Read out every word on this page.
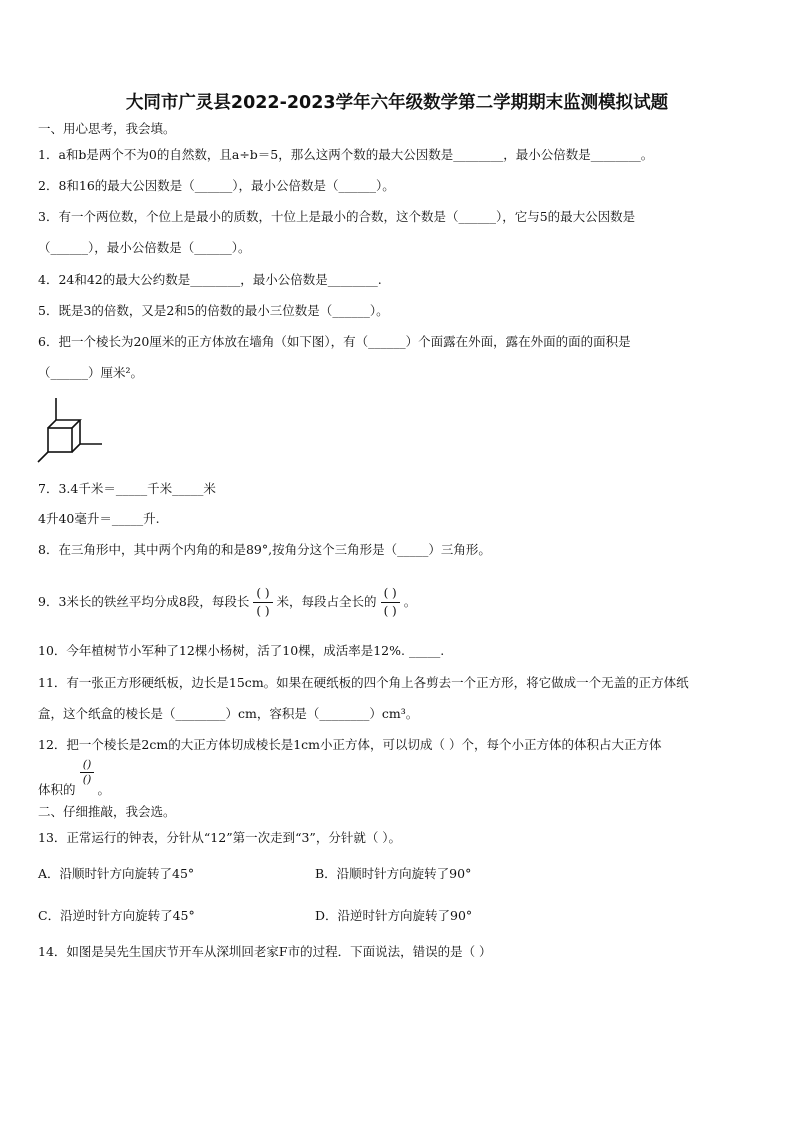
大同市广灵县2022-2023学年六年级数学第二学期期末监测模拟试题
一、用心思考，我会填。
1．a和b是两个不为0的自然数，且a÷b＝5，那么这两个数的最大公因数是________，最小公倍数是________。
2．8和16的最大公因数是（______），最小公倍数是（______）。
3．有一个两位数，个位上是最小的质数，十位上是最小的合数，这个数是（______），它与5的最大公因数是
（______），最小公倍数是（______）。
4．24和42的最大公约数是________，最小公倍数是________.
5．既是3的倍数，又是2和5的倍数的最小三位数是（______）。
6．把一个棱长为20厘米的正方体放在墙角（如下图），有（______）个面露在外面，露在外面的面的面积是
（______）厘米²。
7．3.4千米＝_____千米_____米
4升40毫升＝_____升.
8．在三角形中，其中两个内角的和是89°,按角分这个三角形是（_____）三角形。
9．3米长的铁丝平均分成8段，每段长 $\frac{( )}{( )}$ 米，每段占全长的 $\frac{( )}{( )}$ 。
10．今年植树节小军种了12棵小杨树，活了10棵，成活率是12%. _____.
11．有一张正方形硬纸板，边长是15cm。如果在硬纸板的四个角上各剪去一个正方形，将它做成一个无盖的正方体纸
盒，这个纸盒的棱长是（________）cm，容积是（________）cm³。
12．把一个棱长是2cm的大正方体切成棱长是1cm小正方体，可以切成（ ）个，每个小正方体的体积占大正方体
()
()
体积的 。
二、仔细推敲，我会选。
13．正常运行的钟表，分针从“12”第一次走到“3”，分针就（ ）。
A．沿顺时针方向旋转了45°	B．沿顺时针方向旋转了90°
C．沿逆时针方向旋转了45°	D．沿逆时针方向旋转了90°
14．如图是吴先生国庆节开车从深圳回老家F市的过程．下面说法，错误的是（ ）
